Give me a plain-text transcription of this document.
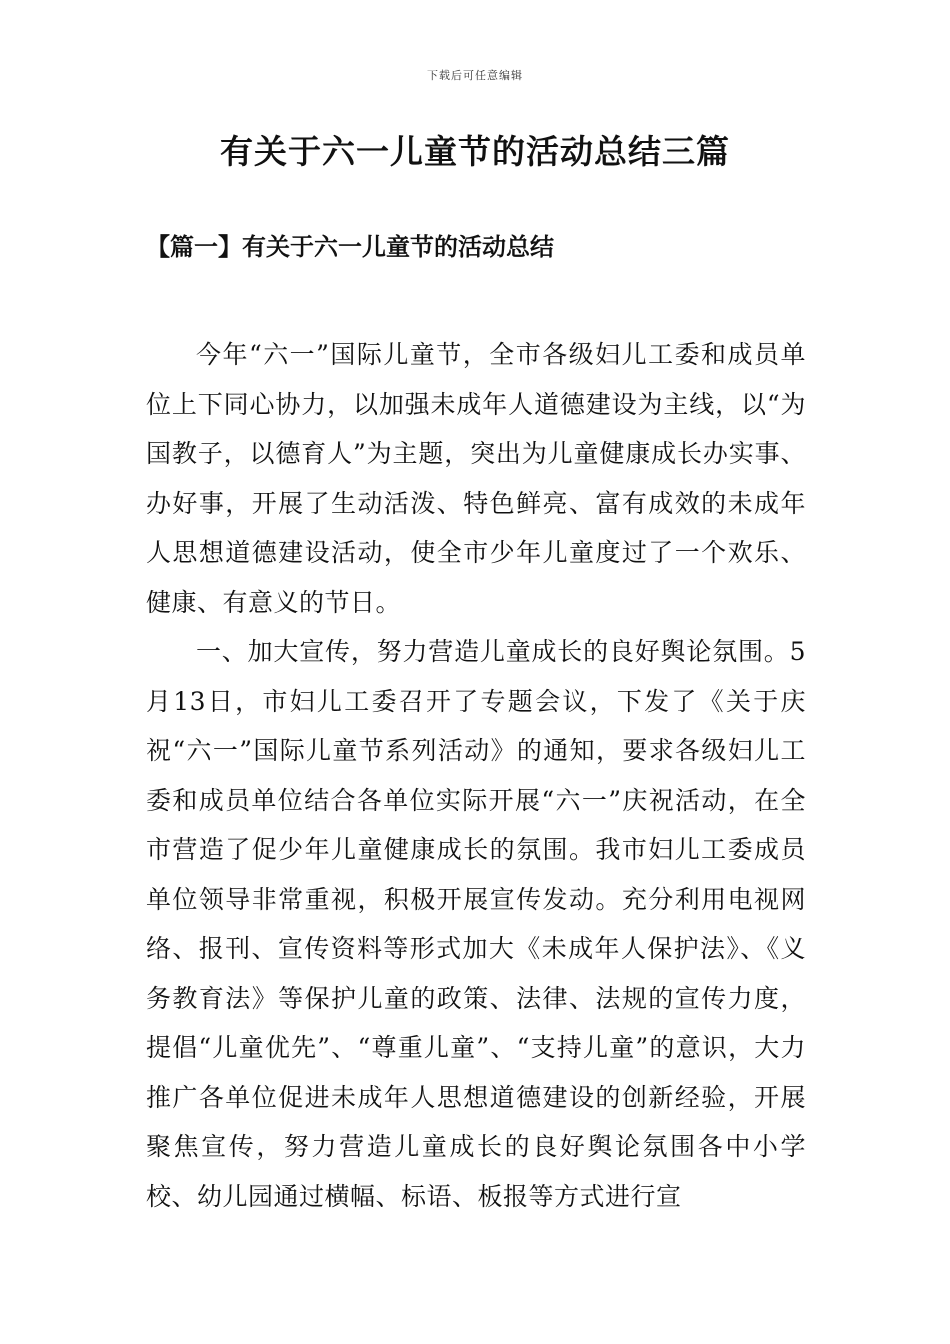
下载后可任意编辑
有关于六一儿童节的活动总结三篇
【篇一】有关于六一儿童节的活动总结

今年“六一”国际儿童节，全市各级妇儿工委和成员单位上下同心协力，以加强未成年人道德建设为主线，以“为国教子，以德育人”为主题，突出为儿童健康成长办实事、办好事，开展了生动活泼、特色鲜亮、富有成效的未成年人思想道德建设活动，使全市少年儿童度过了一个欢乐、健康、有意义的节日。

一、加大宣传，努力营造儿童成长的良好舆论氛围。5月13日，市妇儿工委召开了专题会议，下发了《关于庆祝“六一”国际儿童节系列活动》的通知，要求各级妇儿工委和成员单位结合各单位实际开展“六一”庆祝活动，在全市营造了促少年儿童健康成长的氛围。我市妇儿工委成员单位领导非常重视，积极开展宣传发动。充分利用电视网络、报刊、宣传资料等形式加大《未成年人保护法》、《义务教育法》等保护儿童的政策、法律、法规的宣传力度，提倡“儿童优先”、“尊重儿童”、“支持儿童”的意识，大力推广各单位促进未成年人思想道德建设的创新经验，开展聚焦宣传，努力营造儿童成长的良好舆论氛围各中小学校、幼儿园通过横幅、标语、板报等方式进行宣
